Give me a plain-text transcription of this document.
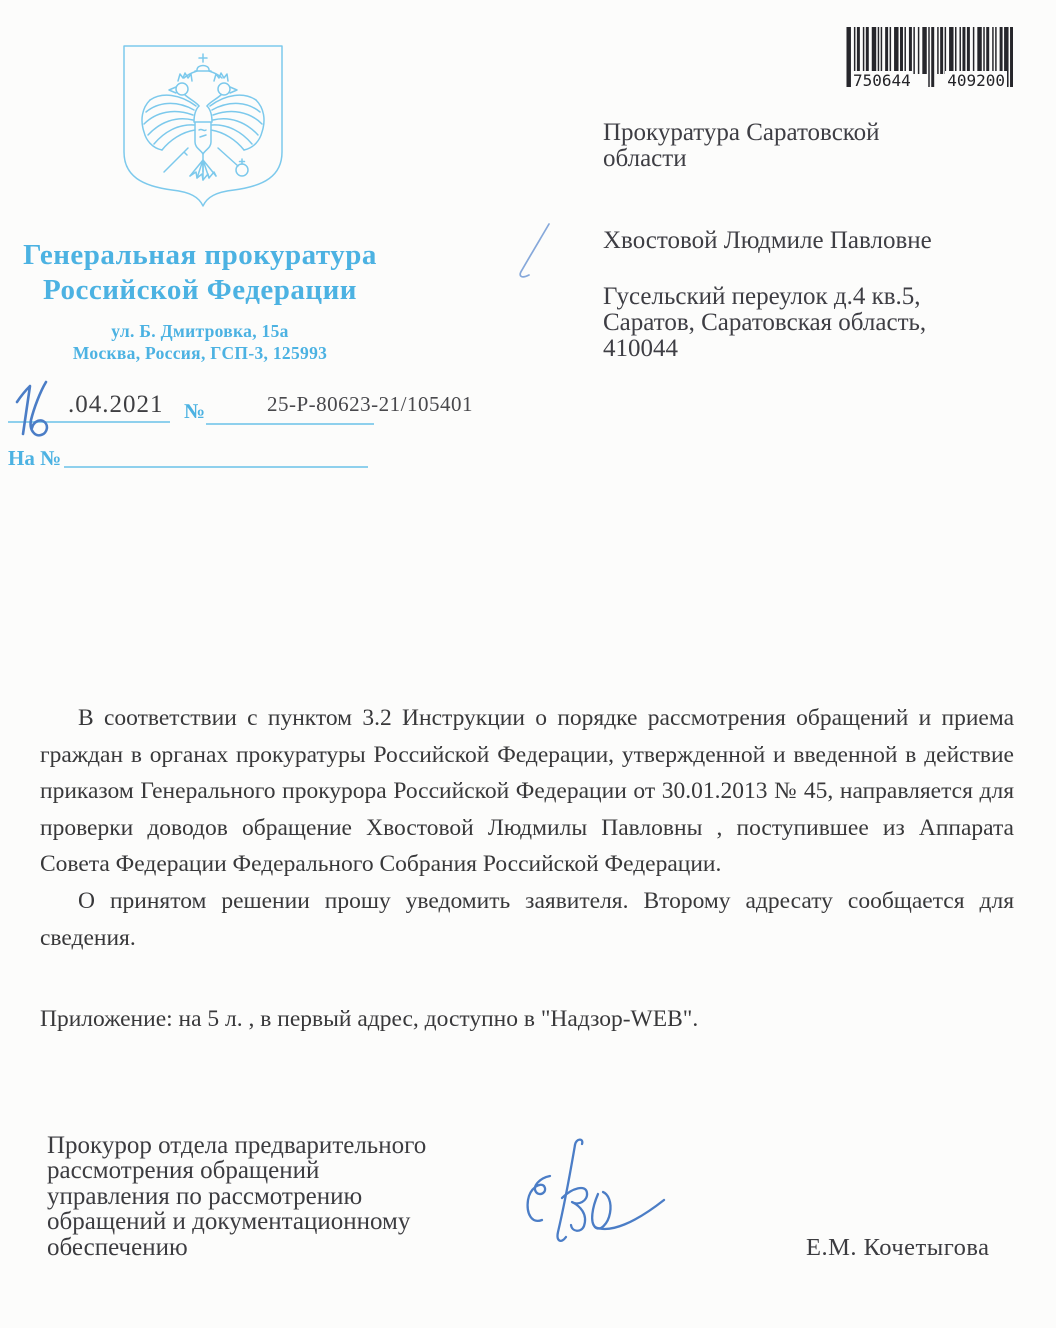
Генеральная прокуратура
Российской Федерации
ул. Б. Дмитровка, 15а
Москва, Россия, ГСП-3, 125993
.04.2021 №	25-Р-80623-21/105401
На №
750644 409200

Прокуратура Саратовской
области

Хвостовой Людмиле Павловне

Гусельский переулок д.4 кв.5,
Саратов, Саратовская область,
410044

В соответствии с пунктом 3.2 Инструкции о порядке рассмотрения обращений и приема граждан в органах прокуратуры Российской Федерации, утвержденной и введенной в действие приказом Генерального прокурора Российской Федерации от 30.01.2013 № 45, направляется для проверки доводов обращение Хвостовой Людмилы Павловны , поступившее из Аппарата Совета Федерации Федерального Собрания Российской Федерации.

О принятом решении прошу уведомить заявителя. Второму адресату сообщается для сведения.

Приложение: на 5 л. , в первый адрес, доступно в "Надзор-WEB".

Прокурор отдела предварительного

рассмотрения обращений

управления по рассмотрению

обращений и документационному

обеспечению	Е.М. Кочетыгова
